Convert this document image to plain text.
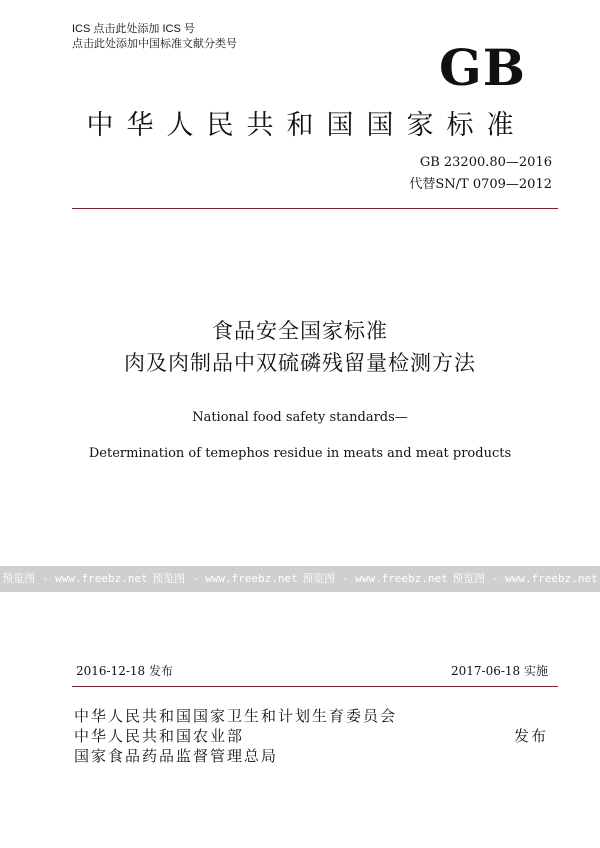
ICS 点击此处添加 ICS 号
点击此处添加中国标准文献分类号	GB
中华人民共和国国家标准
GB 23200.80—2016
代替SN/T 0709—2012
食品安全国家标准
肉及肉制品中双硫磷残留量检测方法
National food safety standards—
Determination of temephos residue in meats and meat products
预览图 - www.freebz.net 预览图 - www.freebz.net 预览图 - www.freebz.net 预览图 - www.freebz.net
2016-12-18 发布	2017-06-18 实施
中华人民共和国国家卫生和计划生育委员会
中华人民共和国农业部
国家食品药品监督管理总局
发布
